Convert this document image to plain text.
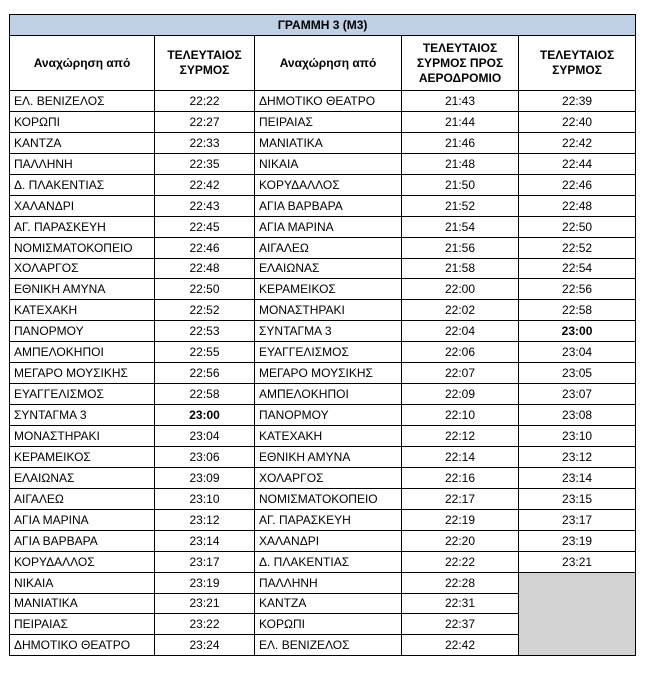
ΓΡΑΜΜΗ 3 (Μ3)				
Αναχώρηση από	ΤΕΛΕΥΤΑΙΟΣ ΣΥΡΜΟΣ	Αναχώρηση από	ΤΕΛΕΥΤΑΙΟΣ ΣΥΡΜΟΣ ΠΡΟΣ ΑΕΡΟΔΡΟΜΙΟ	ΤΕΛΕΥΤΑΙΟΣ ΣΥΡΜΟΣ
ΕΛ. ΒΕΝΙΖΕΛΟΣ	22:22	ΔΗΜΟΤΙΚΟ ΘΕΑΤΡΟ	21:43	22:39
ΚΟΡΩΠΙ	22:27	ΠΕΙΡΑΙΑΣ	21:44	22:40
ΚΑΝΤΖΑ	22:33	ΜΑΝΙΑΤΙΚΑ	21:46	22:42
ΠΑΛΛΗΝΗ	22:35	ΝΙΚΑΙΑ	21:48	22:44
Δ. ΠΛΑΚΕΝΤΙΑΣ	22:42	ΚΟΡΥΔΑΛΛΟΣ	21:50	22:46
ΧΑΛΑΝΔΡΙ	22:43	ΑΓΙΑ ΒΑΡΒΑΡΑ	21:52	22:48
ΑΓ. ΠΑΡΑΣΚΕΥΗ	22:45	ΑΓΙΑ ΜΑΡΙΝΑ	21:54	22:50
ΝΟΜΙΣΜΑΤΟΚΟΠΕΙΟ	22:46	ΑΙΓΑΛΕΩ	21:56	22:52
ΧΟΛΑΡΓΟΣ	22:48	ΕΛΑΙΩΝΑΣ	21:58	22:54
ΕΘΝΙΚΗ ΑΜΥΝΑ	22:50	ΚΕΡΑΜΕΙΚΟΣ	22:00	22:56
ΚΑΤΕΧΑΚΗ	22:52	ΜΟΝΑΣΤΗΡΑΚΙ	22:02	22:58
ΠΑΝΟΡΜΟΥ	22:53	ΣΥΝΤΑΓΜΑ 3	22:04	23:00
ΑΜΠΕΛΟΚΗΠΟΙ	22:55	ΕΥΑΓΓΕΛΙΣΜΟΣ	22:06	23:04
ΜΕΓΑΡΟ ΜΟΥΣΙΚΗΣ	22:56	ΜΕΓΑΡΟ ΜΟΥΣΙΚΗΣ	22:07	23:05
ΕΥΑΓΓΕΛΙΣΜΟΣ	22:58	ΑΜΠΕΛΟΚΗΠΟΙ	22:09	23:07
ΣΥΝΤΑΓΜΑ 3	23:00	ΠΑΝΟΡΜΟΥ	22:10	23:08
ΜΟΝΑΣΤΗΡΑΚΙ	23:04	ΚΑΤΕΧΑΚΗ	22:12	23:10
ΚΕΡΑΜΕΙΚΟΣ	23:06	ΕΘΝΙΚΗ ΑΜΥΝΑ	22:14	23:12
ΕΛΑΙΩΝΑΣ	23:09	ΧΟΛΑΡΓΟΣ	22:16	23:14
ΑΙΓΑΛΕΩ	23:10	ΝΟΜΙΣΜΑΤΟΚΟΠΕΙΟ	22:17	23:15
ΑΓΙΑ ΜΑΡΙΝΑ	23:12	ΑΓ. ΠΑΡΑΣΚΕΥΗ	22:19	23:17
ΑΓΙΑ ΒΑΡΒΑΡΑ	23:14	ΧΑΛΑΝΔΡΙ	22:20	23:19
ΚΟΡΥΔΑΛΛΟΣ	23:17	Δ. ΠΛΑΚΕΝΤΙΑΣ	22:22	23:21
ΝΙΚΑΙΑ	23:19	ΠΑΛΛΗΝΗ	22:28	
ΜΑΝΙΑΤΙΚΑ	23:21	ΚΑΝΤΖΑ	22:31	
ΠΕΙΡΑΙΑΣ	23:22	ΚΟΡΩΠΙ	22:37	
ΔΗΜΟΤΙΚΟ ΘΕΑΤΡΟ	23:24	ΕΛ. ΒΕΝΙΖΕΛΟΣ	22:42	
